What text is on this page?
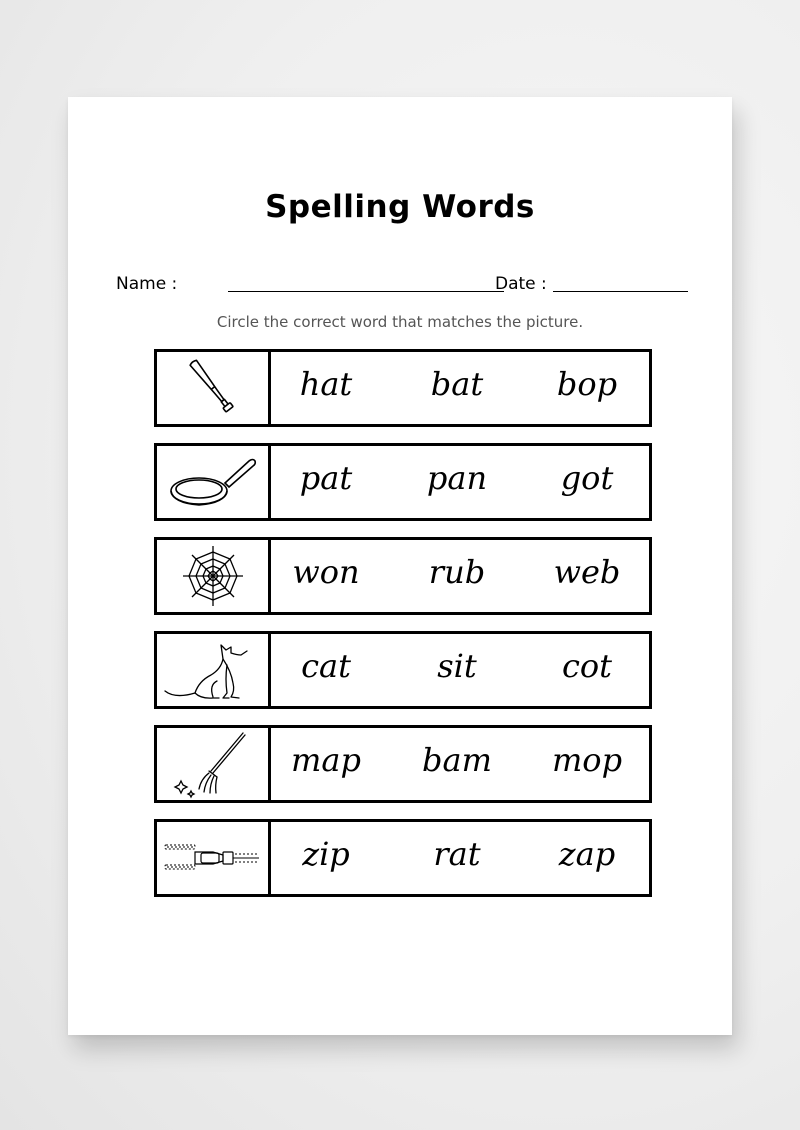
Spelling Words
Name :	Date :
Circle the correct word that matches the picture.
hat	bat	bop
pat	pan	got
won	rub	web
cat	sit	cot
map	bam	mop
zip	rat	zap
